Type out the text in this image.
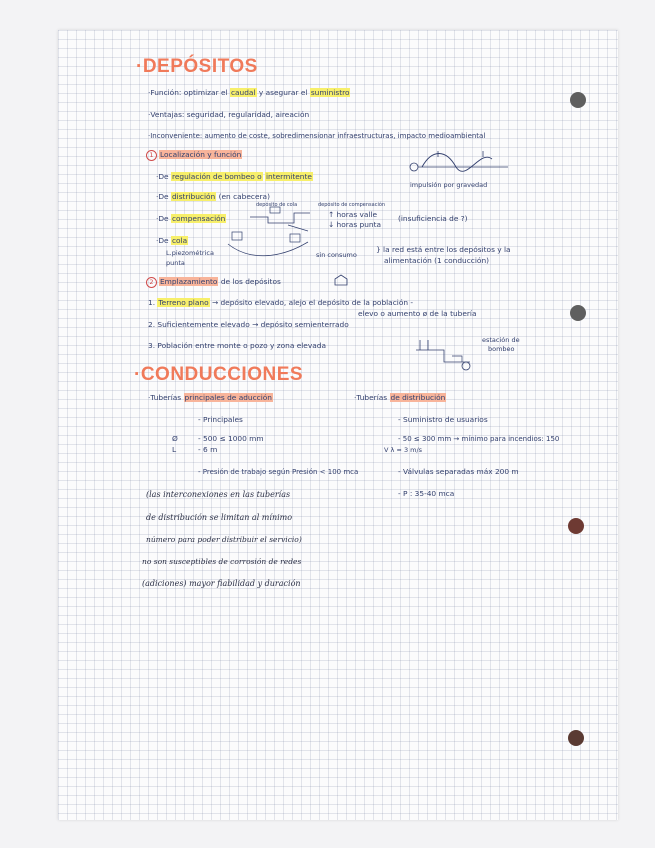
·DEPÓSITOS
·Función: optimizar el caudal y asegurar el suministro
·Ventajas: seguridad, regularidad, aireación
·Inconveniente: aumento de coste, sobredimensionar infraestructuras, impacto medioambiental
1 Localización y función
impulsión por gravedad
·De regulación de bombeo o intermitente
·De distribución (en cabecera)
depósito de cola	depósito de compensación
·De compensación	↑ horas valle
↓ horas punta
(insuficiencia de ?)
·De cola
L.piezométrica
punta
sin consumo
} la red está entre los depósitos y la
alimentación (1 conducción)
2 Emplazamiento de los depósitos
1. Terreno plano → depósito elevado, alejo el depósito de la población -
elevo o aumento ø de la tubería
2. Suficientemente elevado → depósito semienterrado
3. Población entre monte o pozo y zona elevada
estación de
bombeo
·CONDUCCIONES
·Tuberías principales de aducción
- Principales
Ø	- 500 ≤ 1000 mm
L	- 6 m
- Presión de trabajo según Presión < 100 mca
·Tuberías de distribución
- Suministro de usuarios
- 50 ≤ 300 mm → mínimo para incendios: 150
V λ ≈ 3 m/s
- Válvulas separadas máx 200 m
- P : 35-40 mca
(las interconexiones en las tuberías
de distribución se limitan al mínimo
número para poder distribuir el servicio)
no son susceptibles de corrosión de redes
(adiciones) mayor fiabilidad y duración
